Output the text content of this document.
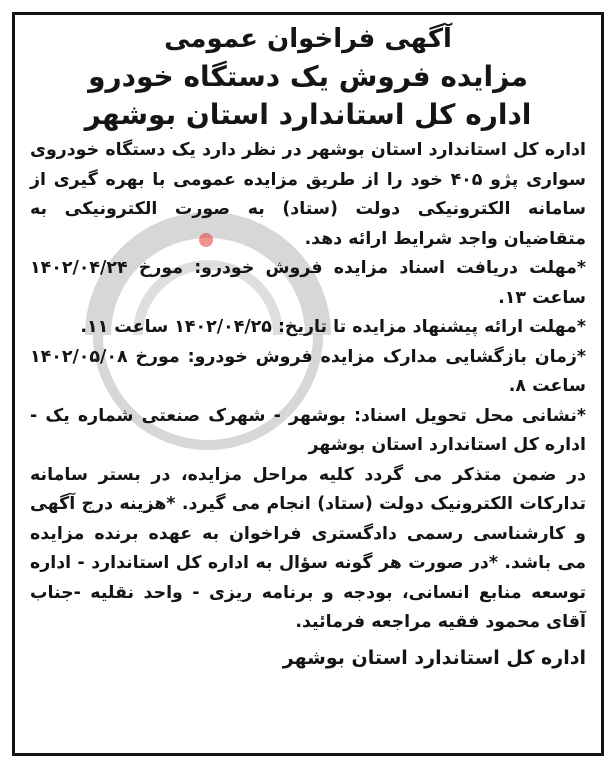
آگهی فراخوان عمومی

مزایده فروش یک دستگاه خودرو

اداره کل استاندارد استان بوشهر

اداره کل استاندارد استان بوشهر در نظر دارد یک دستگاه خودروی سواری پژو ۴۰۵ خود را از طریق مزایده عمومی با بهره گیری از سامانه الکترونیکی دولت (ستاد) به صورت الکترونیکی به متقاضیان واجد شرایط ارائه دهد.

*مهلت دریافت اسناد مزایده فروش خودرو: مورخ ۱۴۰۲/۰۴/۲۴ ساعت ۱۳.

*مهلت ارائه پیشنهاد مزایده تا تاریخ: ۱۴۰۲/۰۴/۲۵ ساعت ۱۱.

*زمان بازگشایی مدارک مزایده فروش خودرو: مورخ ۱۴۰۲/۰۵/۰۸ ساعت ۸.

*نشانی محل تحویل اسناد: بوشهر - شهرک صنعتی شماره یک - اداره کل استاندارد استان بوشهر

در ضمن متذکر می گردد کلیه مراحل مزایده، در بستر سامانه تدارکات الکترونیک دولت (ستاد) انجام می گیرد. *هزینه درج آگهی و کارشناسی رسمی دادگستری فراخوان به عهده برنده مزایده می باشد. *در صورت هر گونه سؤال به اداره کل استاندارد - اداره توسعه منابع انسانی، بودجه و برنامه ریزی - واحد نقلیه -جناب آقای محمود فقیه مراجعه فرمائید.

اداره کل استاندارد استان بوشهر
